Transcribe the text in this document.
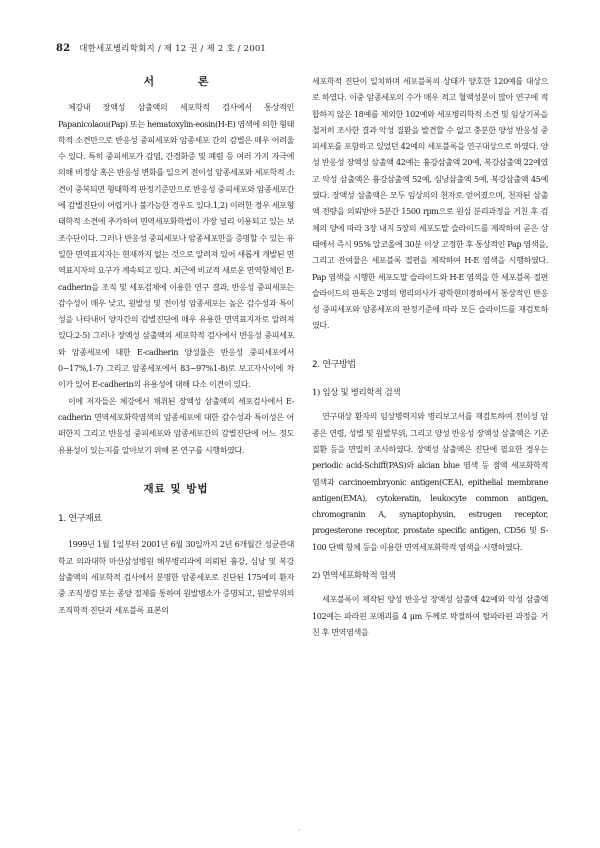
82 대한세포병리학회지 / 제 12 권 / 제 2 호 / 2001
서 론

체강내 장액성 삼출액의 세포학적 검사에서 통상적인 Papanicolaou(Pap) 또는 hematoxylin-eosin(H-E) 염색에 의한 형태학적 소견만으로 반응성 중피세포와 암종세포 간의 감별은 매우 어려울 수 있다. 특히 중피세포가 감염, 간경화증 및 폐렴 등 여러 가지 자극에 의해 비정상 혹은 반응성 변화를 일으켜 전이성 암종세포와 세포학적 소견이 중복되면 형태학적 판정기준만으로 반응성 중피세포와 암종세포간에 감별진단이 어렵거나 불가능한 경우도 있다.1,2) 이러한 경우 세포형태학적 소견에 추가하여 면역세포화학법이 가장 널리 이용되고 있는 보조수단이다. 그러나 반응성 중피세포나 암종세포만을 증명할 수 있는 유일한 면역표지자는 현재까지 없는 것으로 알려져 있어 새롭게 개발된 면역표지자의 요구가 계속되고 있다. 최근에 비교적 새로운 면역항체인 E-cadherin을 조직 및 세포검체에 이용한 연구 결과, 반응성 중피세포는 감수성이 매우 낮고, 원발성 및 전이성 암종세포는 높은 감수성과 특이성을 나타내어 양자간의 감별진단에 매우 유용한 면역표지자로 알려져 있다.2-5) 그러나 장액성 삼출액의 세포학적 검사에서 반응성 중피세포와 암종세포에 대한 E-cadherin 양성율은 반응성 중피세포에서 0~17%,1-7) 그리고 암종세포에서 83~97%1-8)로 보고자사이에 차이가 있어 E-cadherin의 유용성에 대해 다소 이견이 있다.

이에 저자들은 체강에서 채취된 장액성 삼출액의 세포검사에서 E-cadherin 면역세포화학염색의 암종세포에 대한 감수성과 특이성은 어떠한지 그리고 반응성 중피세포와 암종세포간의 감별진단에 어느 정도 유용성이 있는지를 알아보기 위해 본 연구를 시행하였다.

재료 및 방법
1. 연구재료

1999년 1월 1일부터 2001년 6월 30일까지 2년 6개월간 성균관대학교 의과대학 마산삼성병원 해부병리과에 의뢰된 흉강, 심낭 및 복강 삼출액의 세포학적 검사에서 분명한 암종세포로 진단된 175예의 환자 중 조직생검 또는 종양 절제를 통하여 원발병소가 증명되고, 원발부위의 조직학적 진단과 세포블록 표본의

세포학적 진단이 일치하며 세포블록의 상태가 양호한 120예를 대상으로 하였다. 이중 암종세포의 수가 매우 적고 혈액성분이 많아 연구에 적합하지 않은 18예를 제외한 102예와 세포병리학적 소견 및 임상기록을 철저히 조사한 결과 악성 질환을 발견할 수 없고 충분한 양성 반응성 중피세포를 포함하고 있었던 42예의 세포블록을 연구대상으로 하였다. 양성 반응성 장액성 삼출액 42예는 흉강삼출액 20예, 복강삼출액 22예였고 악성 삼출액은 흉강삼출액 52예, 심낭삼출액 5예, 복강삼출액 45예였다. 장액성 삼출액은 모두 임상의의 천자로 얻어졌으며, 천자된 삼출액 전량을 의뢰받아 5분간 1500 rpm으로 원심 분리과정을 거친 후 검체의 양에 따라 3장 내지 5장의 세포도말 슬라이드를 제작하여 곧은 상태에서 즉시 95% 알코올에 30분 이상 고정한 후 통상적인 Pap 염색을, 그리고 잔여물은 세포블록 절편을 제작하여 H-E 염색을 시행하였다. Pap 염색을 시행한 세포도말 슬라이드와 H-E 염색을 한 세포블록 절편 슬라이드의 판독은 2명의 병리의사가 광학현미경하에서 통상적인 반응성 중피세포와 암종세포의 판정기준에 따라 모든 슬라이드를 재검토하였다.

2. 연구방법
1) 임상 및 병리학적 검색

연구대상 환자의 임상병력지와 병리보고서를 재검토하여 전이성 암종은 연령, 성별 및 원발부위, 그리고 양성 반응성 장액성 삼출액은 기존 질환 등을 면밀히 조사하였다. 장액성 삼출액은 진단에 필요한 경우는 periodic acid-Schiff(PAS)와 alcian blue 염색 등 점액 세포화학적 염색과 carcinoembryonic antigen(CEA), epithelial membrane antigen(EMA), cytokeratin, leukocyte common antigen, chromogranin A, synaptophysin, estrogen receptor, progesterone receptor, prostate specific antigen, CD56 및 S-100 단백 항체 등을 이용한 면역세포화학적 염색을 시행하였다.

2) 면역세포화학적 염색

세포블록이 제작된 양성 반응성 장액성 삼출액 42예와 악성 삼출액 102예는 파라핀 포매괴를 4 μm 두께로 박절하여 탈파라핀 과정을 거친 후 면역염색을

·
